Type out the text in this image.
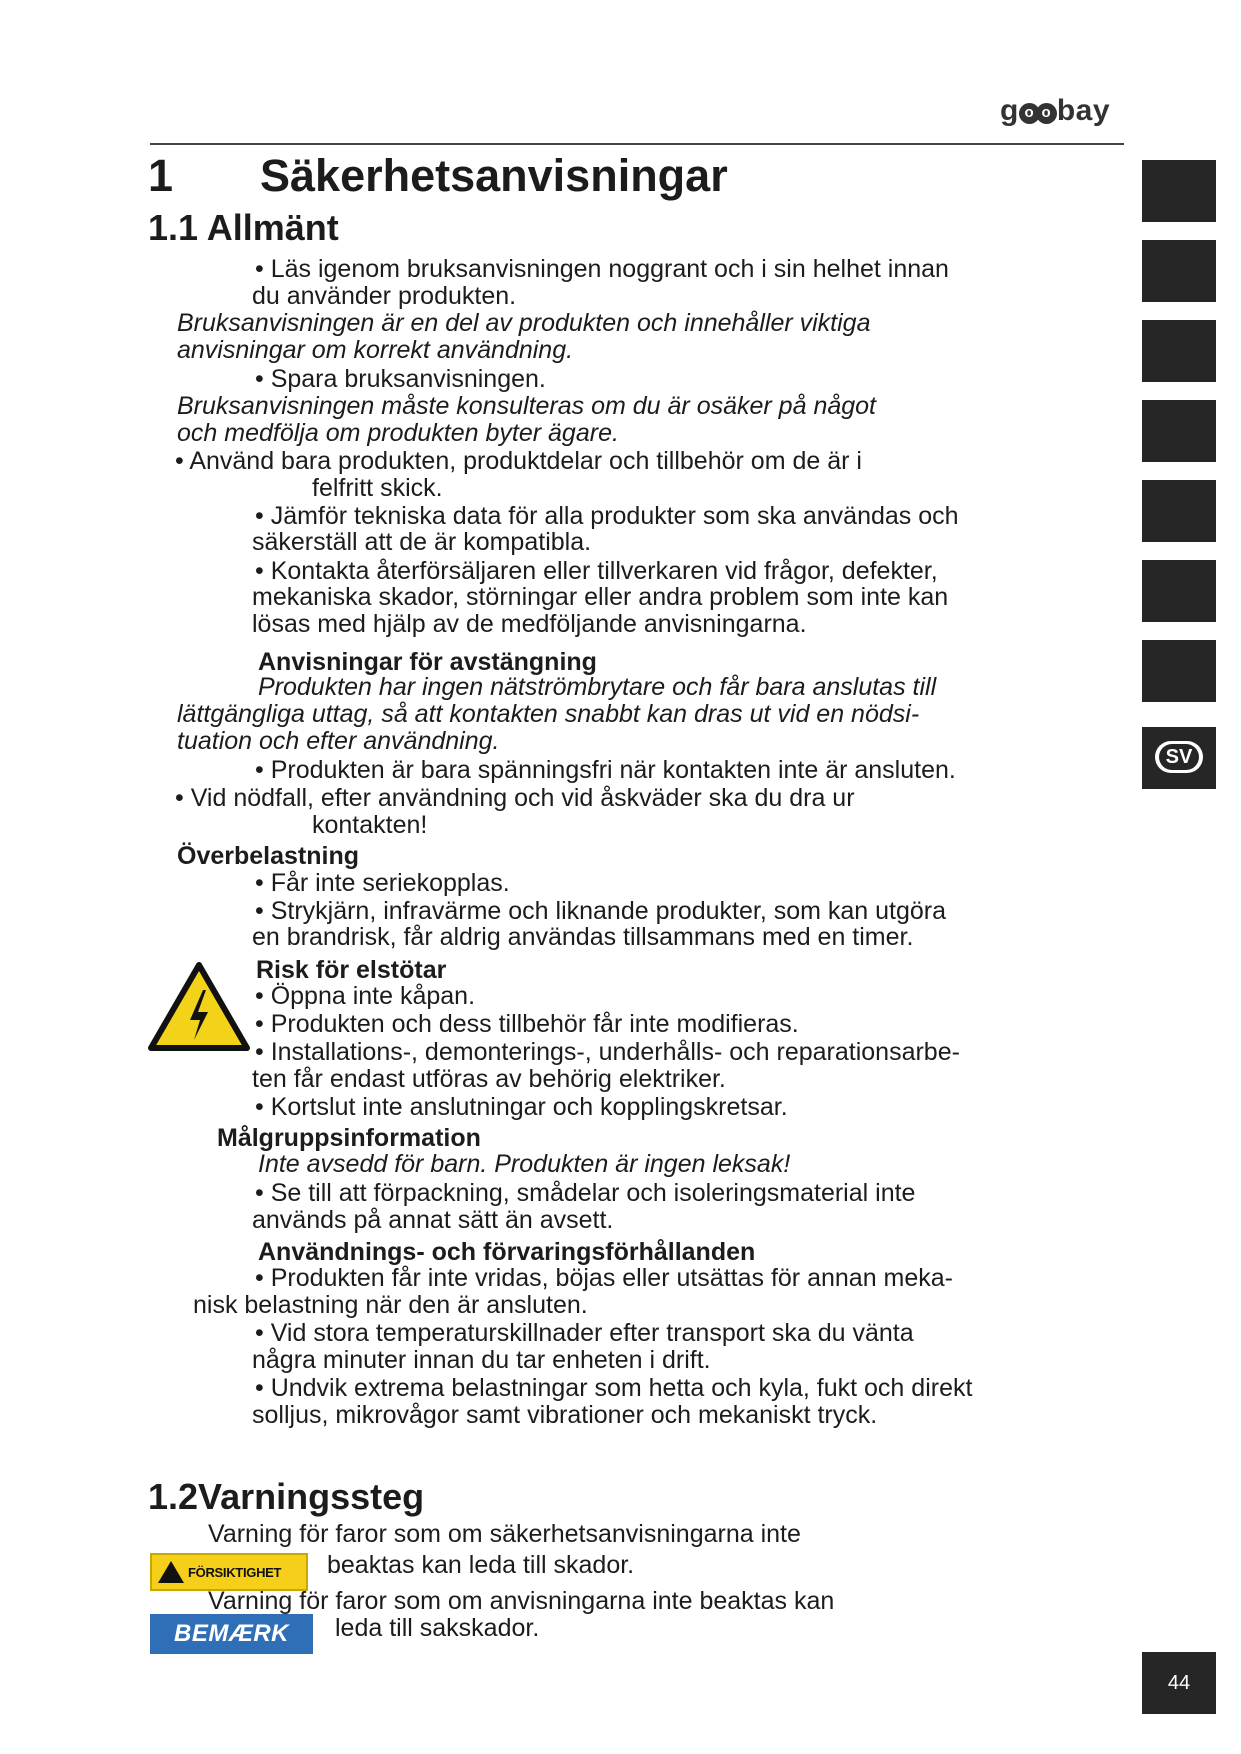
g o o bay
SV
44
1 Säkerhetsanvisningar
1.1 Allmänt
• Läs igenom bruksanvisningen noggrant och i sin helhet innan
du använder produkten.
Bruksanvisningen är en del av produkten och innehåller viktiga
anvisningar om korrekt användning.
• Spara bruksanvisningen.
Bruksanvisningen måste konsulteras om du är osäker på något
och medfölja om produkten byter ägare.
• Använd bara produkten, produktdelar och tillbehör om de är i
felfritt skick.
• Jämför tekniska data för alla produkter som ska användas och
säkerställ att de är kompatibla.
• Kontakta återförsäljaren eller tillverkaren vid frågor, defekter,
mekaniska skador, störningar eller andra problem som inte kan
lösas med hjälp av de medföljande anvisningarna.
Anvisningar för avstängning
Produkten har ingen nätströmbrytare och får bara anslutas till
lättgängliga uttag, så att kontakten snabbt kan dras ut vid en nödsi-
tuation och efter användning.
• Produkten är bara spänningsfri när kontakten inte är ansluten.
• Vid nödfall, efter användning och vid åskväder ska du dra ur
kontakten!
Överbelastning
• Får inte seriekopplas.
• Strykjärn, infravärme och liknande produkter, som kan utgöra
en brandrisk, får aldrig användas tillsammans med en timer.
Risk för elstötar
• Öppna inte kåpan.
• Produkten och dess tillbehör får inte modifieras.
• Installations-, demonterings-, underhålls- och reparationsarbe-
ten får endast utföras av behörig elektriker.
• Kortslut inte anslutningar och kopplingskretsar.
Målgruppsinformation
Inte avsedd för barn. Produkten är ingen leksak!
• Se till att förpackning, smådelar och isoleringsmaterial inte
används på annat sätt än avsett.
Användnings- och förvaringsförhållanden
• Produkten får inte vridas, böjas eller utsättas för annan meka-
nisk belastning när den är ansluten.
• Vid stora temperaturskillnader efter transport ska du vänta
några minuter innan du tar enheten i drift.
• Undvik extrema belastningar som hetta och kyla, fukt och direkt
solljus, mikrovågor samt vibrationer och mekaniskt tryck.
1.2Varningssteg
FÖRSIKTIGHET
Varning för faror som om säkerhetsanvisningarna inte
beaktas kan leda till skador.
BEMÆRK
Varning för faror som om anvisningarna inte beaktas kan
leda till sakskador.
